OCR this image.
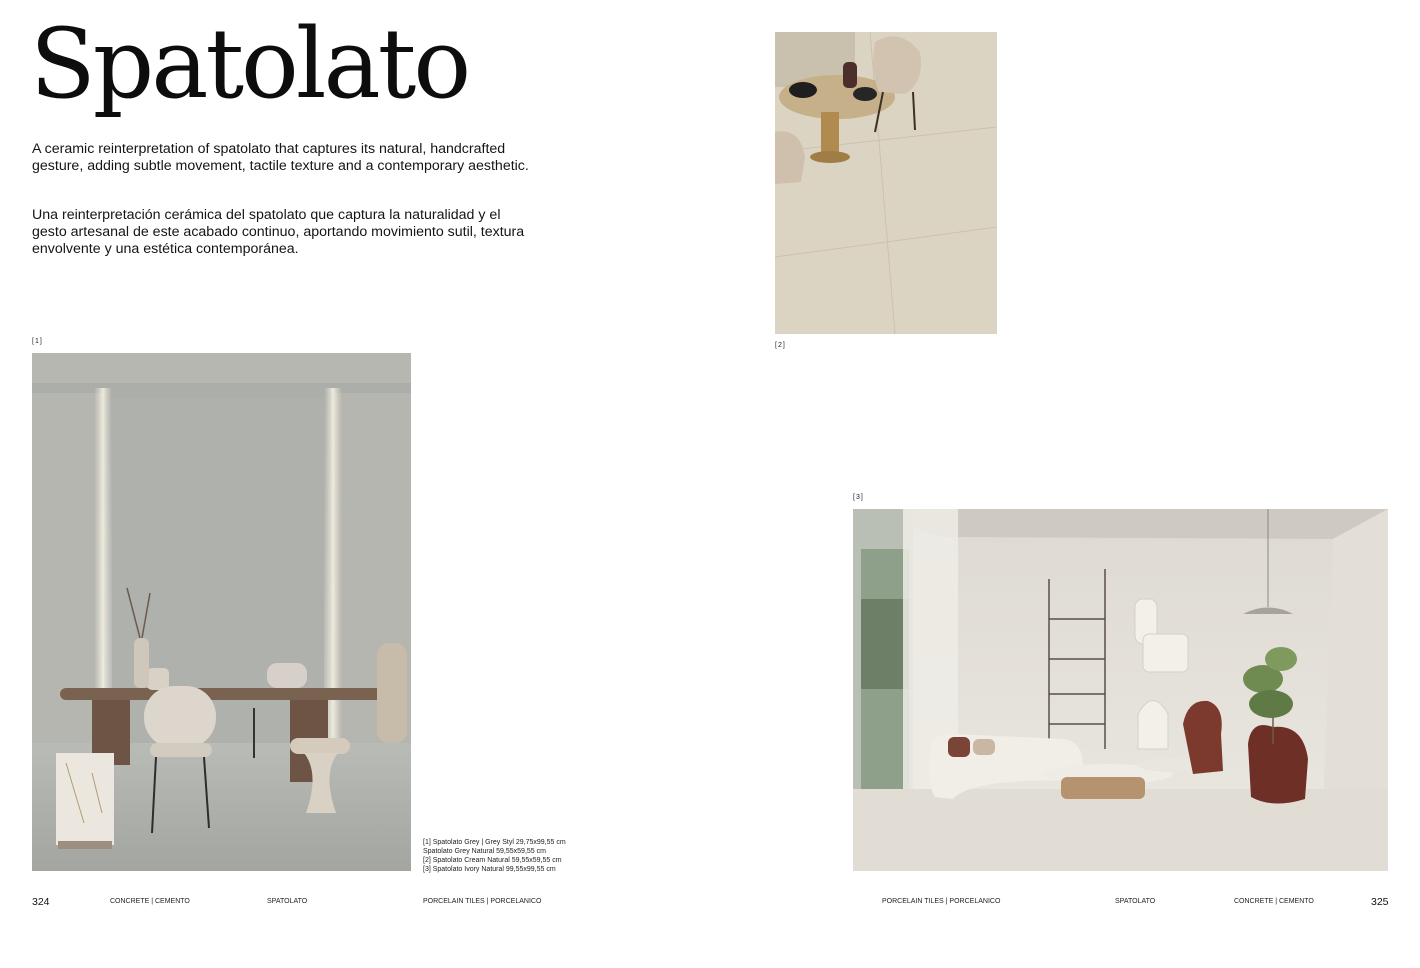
Spatolato

A ceramic reinterpretation of spatolato that captures its natural, handcrafted gesture, adding subtle movement, tactile texture and a contemporary aesthetic.

Una reinterpretación cerámica del spatolato que captura la naturalidad y el gesto artesanal de este acabado continuo, aportando movimiento sutil, textura envolvente y una estética contemporánea.

[1]
[2]
[3]
[1] Spatolato Grey | Grey Styl 29,75x99,55 cm
Spatolato Grey Natural 59,55x59,55 cm
[2] Spatolato Cream Natural 59,55x59,55 cm
[3] Spatolato Ivory Natural 99,55x99,55 cm
324	CONCRETE | CEMENTO	SPATOLATO	PORCELAIN TILES | PORCELANICO	PORCELAIN TILES | PORCELANICO	SPATOLATO	CONCRETE | CEMENTO	325
